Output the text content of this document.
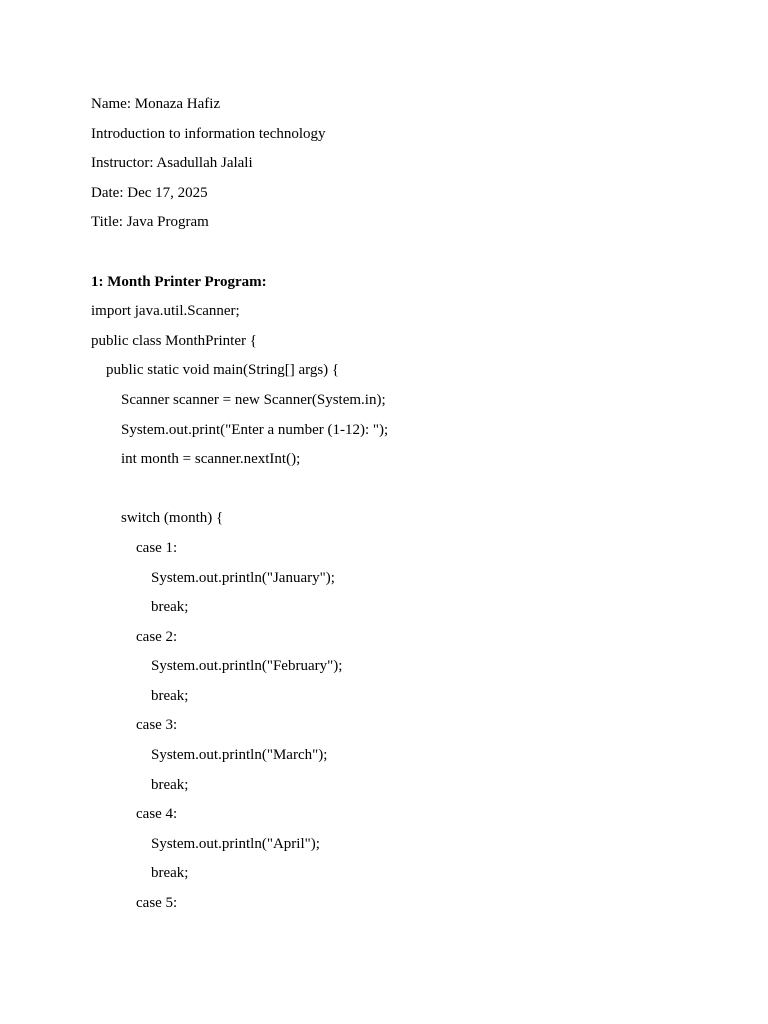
Name: Monaza Hafiz
Introduction to information technology
Instructor: Asadullah Jalali
Date: Dec 17, 2025
Title: Java Program
1: Month Printer Program:
import java.util.Scanner;
public class MonthPrinter {
public static void main(String[] args) {
Scanner scanner = new Scanner(System.in);
System.out.print("Enter a number (1-12): ");
int month = scanner.nextInt();
switch (month) {
case 1:
System.out.println("January");
break;
case 2:
System.out.println("February");
break;
case 3:
System.out.println("March");
break;
case 4:
System.out.println("April");
break;
case 5:
